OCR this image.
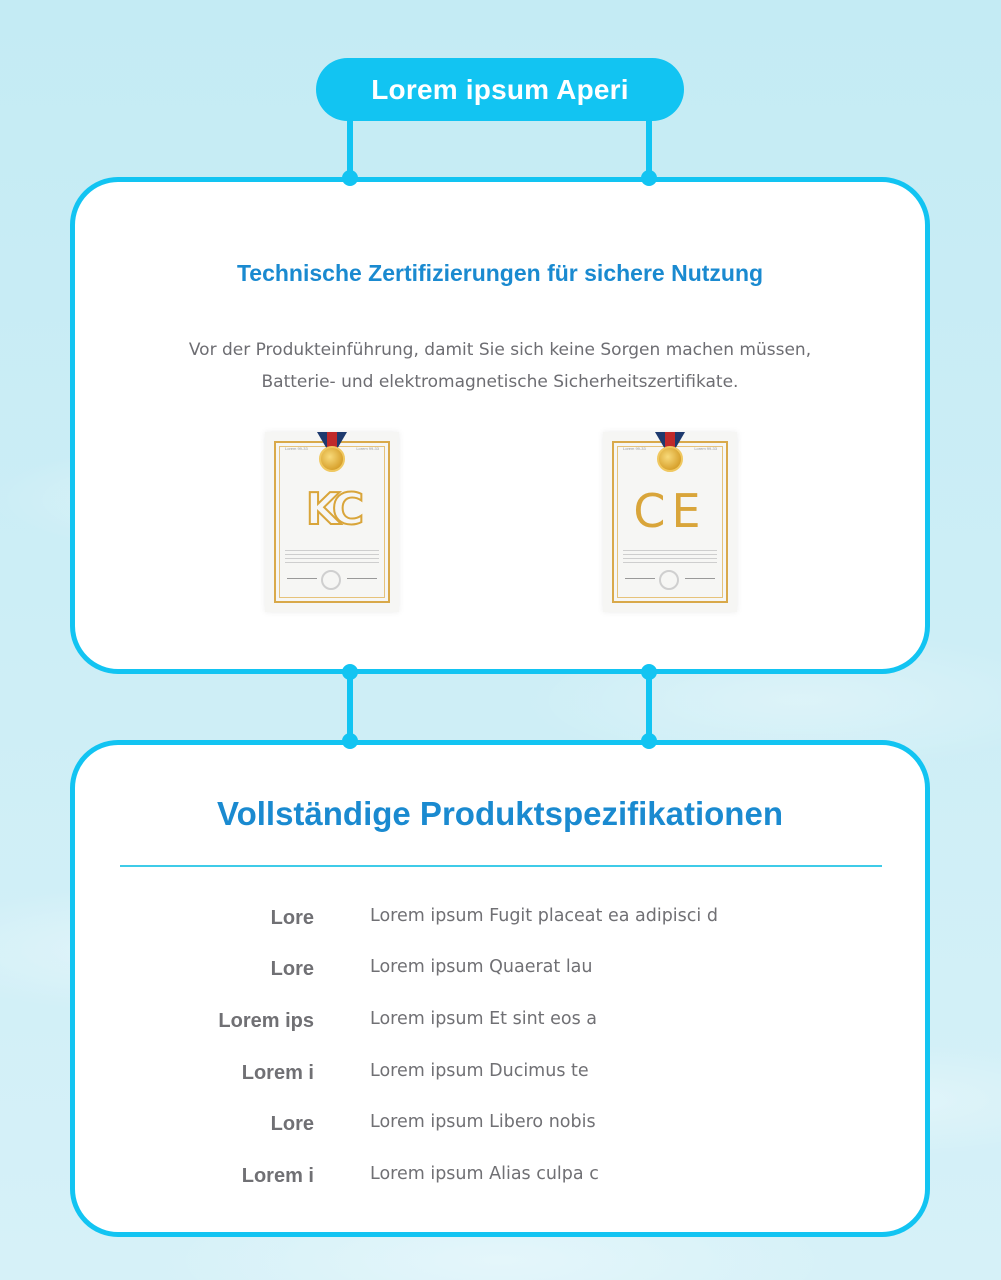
Lorem ipsum Aperi
Technische Zertifizierungen für sichere Nutzung
Vor der Produkteinführung, damit Sie sich keine Sorgen machen müssen,
Batterie- und elektromagnetische Sicherheitszertifikate.
Lorem 99-33	Lorem 99-33
KC
Lorem 99-33	Lorem 99-33
CE
Vollständige Produktspezifikationen
Lore	Lorem ipsum Fugit placeat ea adipisci d
Lore	Lorem ipsum Quaerat lau
Lorem ips	Lorem ipsum Et sint eos a
Lorem i	Lorem ipsum Ducimus te
Lore	Lorem ipsum Libero nobis
Lorem i	Lorem ipsum Alias culpa c
